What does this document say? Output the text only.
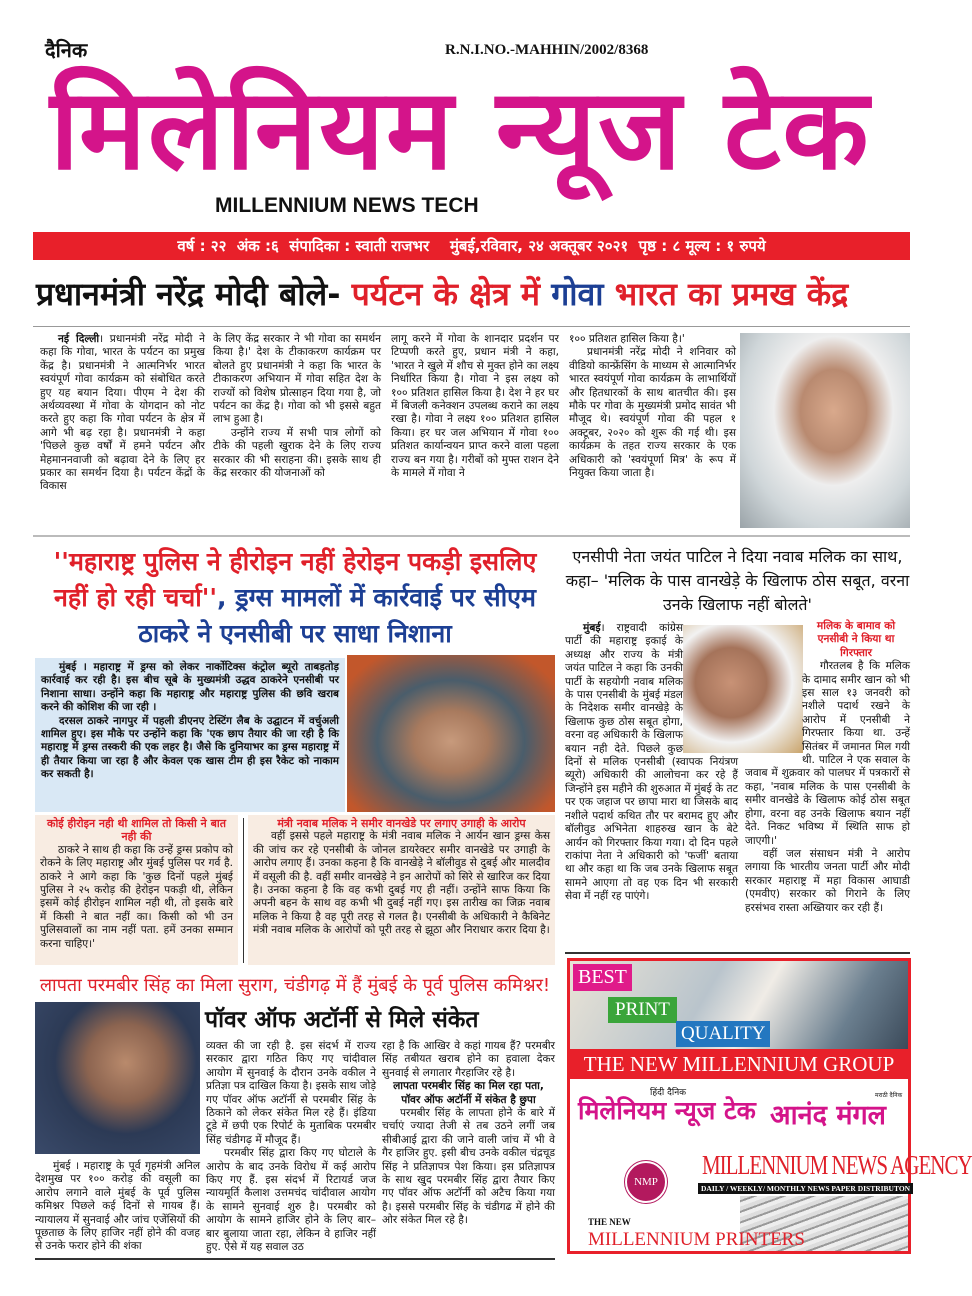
दैनिक	R.N.I.NO.-MAHHIN/2002/8368
मिलेनियम न्यूज टेक
MILLENNIUM NEWS TECH
वर्ष : २२  अंक :६  संपादिका : स्वाती राजभर    मुंबई,रविवार, २४ अक्तूबर २०२१  पृष्ठ : ८ मूल्य : १ रुपये
प्रधानमंत्री नरेंद्र मोदी बोले- पर्यटन के क्षेत्र में गोवा भारत का प्रमख केंद्र
नई दिल्ली। प्रधानमंत्री नरेंद्र मोदी ने कहा कि गोवा, भारत के पर्यटन का प्रमुख केंद्र है। प्रधानमंत्री ने आत्मनिर्भर भारत स्वयंपूर्ण गोवा कार्यक्रम को संबोधित करते हुए यह बयान दिया। पीएम ने देश की अर्थव्यवस्था में गोवा के योगदान को नोट करते हुए कहा कि गोवा पर्यटन के क्षेत्र में आगे भी बढ़ रहा है। प्रधानमंत्री ने कहा 'पिछले कुछ वर्षों में हमने पर्यटन और मेहमाननवाजी को बढ़ावा देने के लिए हर प्रकार का समर्थन दिया है। पर्यटन केंद्रों के विकास

के लिए केंद्र सरकार ने भी गोवा का समर्थन किया है।' देश के टीकाकरण कार्यक्रम पर बोलते हुए प्रधानमंत्री ने कहा कि भारत के टीकाकरण अभियान में गोवा सहित देश के राज्यों को विशेष प्रोत्साहन दिया गया है, जो पर्यटन का केंद्र है। गोवा को भी इससे बहुत लाभ हुआ है।

उन्होंने राज्य में सभी पात्र लोगों को टीके की पहली खुराक देने के लिए राज्य सरकार की भी सराहना की। इसके साथ ही केंद्र सरकार की योजनाओं को

लागू करने में गोवा के शानदार प्रदर्शन पर टिप्पणी करते हुए, प्रधान मंत्री ने कहा, 'भारत ने खुले में शौच से मुक्त होने का लक्ष्य निर्धारित किया है। गोवा ने इस लक्ष्य को १०० प्रतिशत हासिल किया है। देश ने हर घर में बिजली कनेक्शन उपलब्ध कराने का लक्ष्य रखा है। गोवा ने लक्ष्य १०० प्रतिशत हासिल किया। हर घर जल अभियान में गोवा १०० प्रतिशत कार्यान्वयन प्राप्त करने वाला पहला राज्य बन गया है। गरीबों को मुफ्त राशन देने के मामले में गोवा ने

१०० प्रतिशत हासिल किया है।'

प्रधानमंत्री नरेंद्र मोदी ने शनिवार को वीडियो कान्फ्रेंसिंग के माध्यम से आत्मानिर्भर भारत स्वयंपूर्ण गोवा कार्यक्रम के लाभार्थियों और हितधारकों के साथ बातचीत की। इस मौके पर गोवा के मुख्यमंत्री प्रमोद सावंत भी मौजूद थे। स्वयंपूर्ण गोवा की पहल १ अक्टूबर, २०२० को शुरू की गई थी। इस कार्यक्रम के तहत राज्य सरकार के एक अधिकारी को 'स्वयंपूर्णा मित्र' के रूप में नियुक्त किया जाता है।

''महाराष्ट्र पुलिस ने हीरोइन नहीं हेरोइन पकड़ी इसलिए नहीं हो रही चर्चा'', ड्रग्स मामलों में कार्रवाई पर सीएम ठाकरे ने एनसीबी पर साधा निशाना

मुंबई । महाराष्ट्र में ड्रग्स को लेकर नार्कोटिक्स कंट्रोल ब्यूरो ताबड़तोड़ कार्रवाई कर रही है। इस बीच सूबे के मुख्यमंत्री उद्धव ठाकरेने एनसीबी पर निशाना साधा। उन्होंने कहा कि महाराष्ट्र और महाराष्ट्र पुलिस की छवि खराब करने की कोशिश की जा रही ।

दरसल ठाकरे नागपुर में पहली डीएनए टेस्टिंग लैब के उद्घाटन में वर्चुअली शामिल हुए। इस मौके पर उन्होंने कहा कि 'एक छाप तैयार की जा रही है कि महाराष्ट्र में ड्रग्स तस्करी की एक लहर है। जैसे कि दुनियाभर का ड्रग्स महाराष्ट्र में ही तैयार किया जा रहा है और केवल एक खास टीम ही इस रैकेट को नाकाम कर सकती है।

कोई हीरोइन नही थी शामिल तो किसी ने बात नही की

ठाकरे ने साथ ही कहा कि उन्हें ड्रग्स प्रकोप को रोकने के लिए महाराष्ट्र और मुंबई पुलिस पर गर्व है. ठाकरे ने आगे कहा कि 'कुछ दिनों पहले मुंबई पुलिस ने २५ करोड़ की हेरोइन पकड़ी थी, लेकिन इसमें कोई हीरोइन शामिल नही थी, तो इसके बारे में किसी ने बात नहीं का। किसी को भी उन पुलिसवालों का नाम नहीं पता. हमें उनका सम्मान करना चाहिए।'

मंत्री नवाब मलिक ने समीर वानखेडे पर लगाए उगाही के आरोप

वहीं इससे पहले महाराष्ट्र के मंत्री नवाब मलिक ने आर्यन खान ड्रग्स केस की जांच कर रहे एनसीबी के जोनल डायरेक्टर समीर वानखेडे पर उगाही के आरोप लगाए हैं। उनका कहना है कि वानखेड़े ने बॉलीवुड से दुबई और मालदीव में वसूली की है. वहीं समीर वानखेड़े ने इन आरोपों को सिरे से खारिज कर दिया है। उनका कहना है कि वह कभी दुबई गए ही नहीं। उन्होंने साफ किया कि अपनी बहन के साथ वह कभी भी दुबई नहीं गए। इस तारीख का जिक्र नवाब मलिक ने किया है वह पूरी तरह से गलत है। एनसीबी के अधिकारी ने कैबिनेट मंत्री नवाब मलिक के आरोपों को पूरी तरह से झूठा और निराधार करार दिया है।

एनसीपी नेता जयंत पाटिल ने दिया नवाब मलिक का साथ, कहा– 'मलिक के पास वानखेड़े के खिलाफ ठोस सबूत, वरना उनके खिलाफ नहीं बोलते'
मुंबई। राष्ट्रवादी कांग्रेस पार्टी की महाराष्ट्र इकाई के अध्यक्ष और राज्य के मंत्री जयंत पाटिल ने कहा कि उनकी पार्टी के सहयोगी नवाब मलिक के पास एनसीबी के मुंबई मंडल के निदेशक समीर वानखेड़े के खिलाफ कुछ ठोस सबूत होगा, वरना वह अधिकारी के खिलाफ बयान नही देते. पिछले कुछ दिनों से मलिक एनसीबी (स्वापक नियंत्रण ब्यूरो) अधिकारी की आलोचना कर रहे हैं जिन्होंने इस महीने की शुरुआत में मुंबई के तट पर एक जहाज पर छापा मारा था जिसके बाद नशीले पदार्थ कथित तौर पर बरामद हुए और बॉलीवुड अभिनेता शाहरुख खान के बेटे आर्यन को गिरफ्तार किया गया। दो दिन पहले राकांपा नेता ने अधिकारी को 'फर्जी' बताया था और कहा था कि जब उनके खिलाफ सबूत सामने आएगा तो वह एक दिन भी सरकारी सेवा में नहीं रह पाएंगे।
मलिक के बामाव को एनसीबी ने किया था गिरफ्तार

गौरतलब है कि मलिक के दामाद समीर खान को भी इस साल १३ जनवरी को नशीले पदार्थ रखने के आरोप में एनसीबी ने गिरफ्तार किया था. उन्हें सितंबर में जमानत मिल गयी थी. पाटिल ने एक सवाल के जवाब में शुक्रवार को पालघर में पत्रकारों से कहा, 'नवाब मलिक के पास एनसीबी के समीर वानखेडे के खिलाफ कोई ठोस सबूत होगा, वरना वह उनके खिलाफ बयान नहीं देते. निकट भविष्य में स्थिति साफ हो जाएगी।'

वहीं जल संसाधन मंत्री ने आरोप लगाया कि भारतीय जनता पार्टी और मोदी सरकार महाराष्ट्र में महा विकास आघाडी (एमवीए) सरकार को गिराने के लिए हरसंभव रास्ता अख्तियार कर रही हैं।

लापता परमबीर सिंह का मिला सुराग, चंडीगढ़ में हैं मुंबई के पूर्व पुलिस कमिश्नर!
पॉवर ऑफ अटॉर्नी से मिले संकेत
मुंबई । महाराष्ट्र के पूर्व गृहमंत्री अनिल देशमुख पर १०० करोड़ की वसूली का आरोप लगाने वाले मुंबई के पूर्व पुलिस कमिश्नर पिछले कई दिनों से गायब हैं। न्यायालय में सुनवाई और जांच एजेंसियों की पूछताछ के लिए हाजिर नहीं होने की वजह से उनके फरार होने की शंका

व्यक्त की जा रही है. इस संदर्भ में राज्य सरकार द्वारा गठित किए गए चांदीवाल आयोग में सुनवाई के दौरान उनके वकील ने प्रतिज्ञा पत्र दाखिल किया है। इसके साथ जोड़े गए पॉवर ऑफ अटॉर्नी से परमबीर सिंह के ठिकाने को लेकर संकेत मिल रहे हैं। इंडिया टूडे में छपी एक रिपोर्ट के मुताबिक परमबीर सिंह चंडीगढ़ में मौजूद हैं।

परमबीर सिंह द्वारा किए गए घोटाले के आरोप के बाद उनके विरोध में कई आरोप किए गए हैं. इस संदर्भ में रिटायर्ड जज न्यायमूर्ति कैलाश उत्तमचंद चांदीवाल आयोग के सामने सुनवाई शुरु है। परमबीर को आयोग के सामने हाजिर होने के लिए बार–बार बुलाया जाता रहा, लेकिन वे हाजिर नहीं हुए. ऐसे में यह सवाल उठ

रहा है कि आखिर वे कहां गायब हैं? परमबीर सिंह तबीयत खराब होने का हवाला देकर सुनवाई से लगातार गैरहाजिर रहे है।

लापता परमबीर सिंह का मिल रहा पता, पॉवर ऑफ अटॉर्नी में संकेत है छुपा

परमबीर सिंह के लापता होने के बारे में चर्चाएं ज्यादा तेजी से तब उठने लगीं जब सीबीआई द्वारा की जाने वाली जांच में भी वे गैर हाजिर हुए. इसी बीच उनके वकील चंद्रचूड सिंह ने प्रतिज्ञापत्र पेश किया। इस प्रतिज्ञापत्र के साथ खुद परमबीर सिंह द्वारा तैयार किए गए पॉवर ऑफ अटॉर्नी को अटैच किया गया है। इससे परमबीर सिंह के चंडीगढ में होने की ओर संकेत मिल रहे है।

BEST
PRINT
QUALITY
THE NEW MILLENNIUM GROUP
हिंदी दैनिक
मिलेनियम न्यूज टेक
मराठी दैनिक
आनंद मंगल
NMP
MILLENNIUM NEWS AGENCY
DAILY / WEEKLY/ MONTHLY NEWS PAPER DISTRIBUTON
THE NEW
MILLENNIUM PRINTERS
